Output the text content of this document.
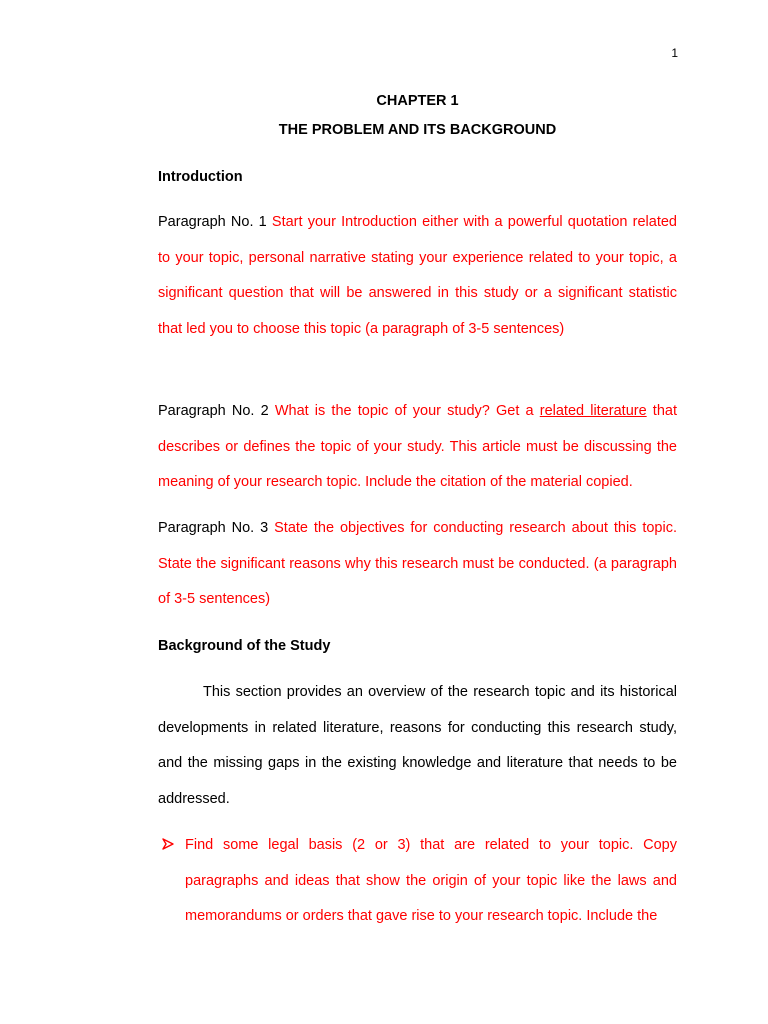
1
CHAPTER 1
THE PROBLEM AND ITS BACKGROUND
Introduction

Paragraph No. 1 Start your Introduction either with a powerful quotation related to your topic, personal narrative stating your experience related to your topic, a significant question that will be answered in this study or a significant statistic that led you to choose this topic (a paragraph of 3-5 sentences)

Paragraph No. 2 What is the topic of your study? Get a related literature that describes or defines the topic of your study. This article must be discussing the meaning of your research topic. Include the citation of the material copied.

Paragraph No. 3 State the objectives for conducting research about this topic. State the significant reasons why this research must be conducted. (a paragraph of 3-5 sentences)

Background of the Study

This section provides an overview of the research topic and its historical developments in related literature, reasons for conducting this research study, and the missing gaps in the existing knowledge and literature that needs to be addressed.

Find some legal basis (2 or 3) that are related to your topic. Copy paragraphs and ideas that show the origin of your topic like the laws and memorandums or orders that gave rise to your research topic. Include the
